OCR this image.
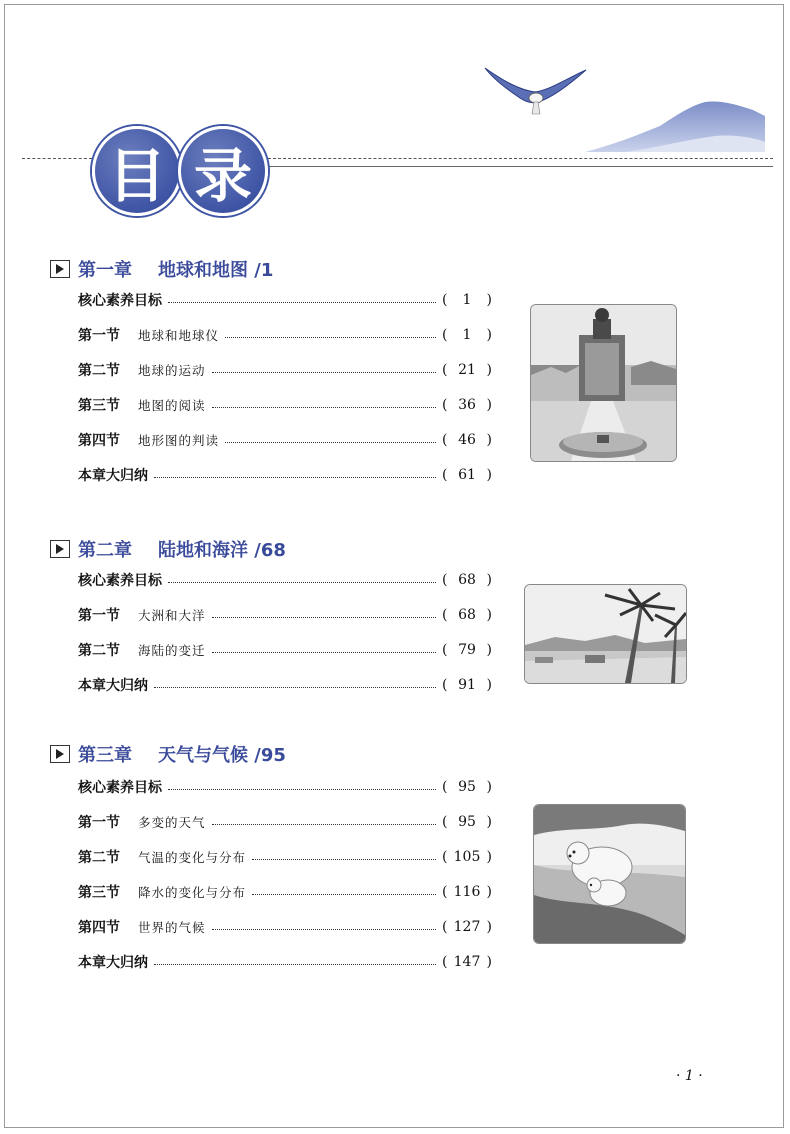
目 录
第一章 地球和地图 /1
核心素养目标	( 1 )
第一节 地球和地球仪	( 1 )
第二节 地球的运动	( 21 )
第三节 地图的阅读	( 36 )
第四节 地形图的判读	( 46 )
本章大归纳	( 61 )
第二章 陆地和海洋 /68
核心素养目标	( 68 )
第一节 大洲和大洋	( 68 )
第二节 海陆的变迁	( 79 )
本章大归纳	( 91 )
第三章 天气与气候 /95
核心素养目标	( 95 )
第一节 多变的天气	( 95 )
第二节 气温的变化与分布	( 105 )
第三节 降水的变化与分布	( 116 )
第四节 世界的气候	( 127 )
本章大归纳	( 147 )
· 1 ·
